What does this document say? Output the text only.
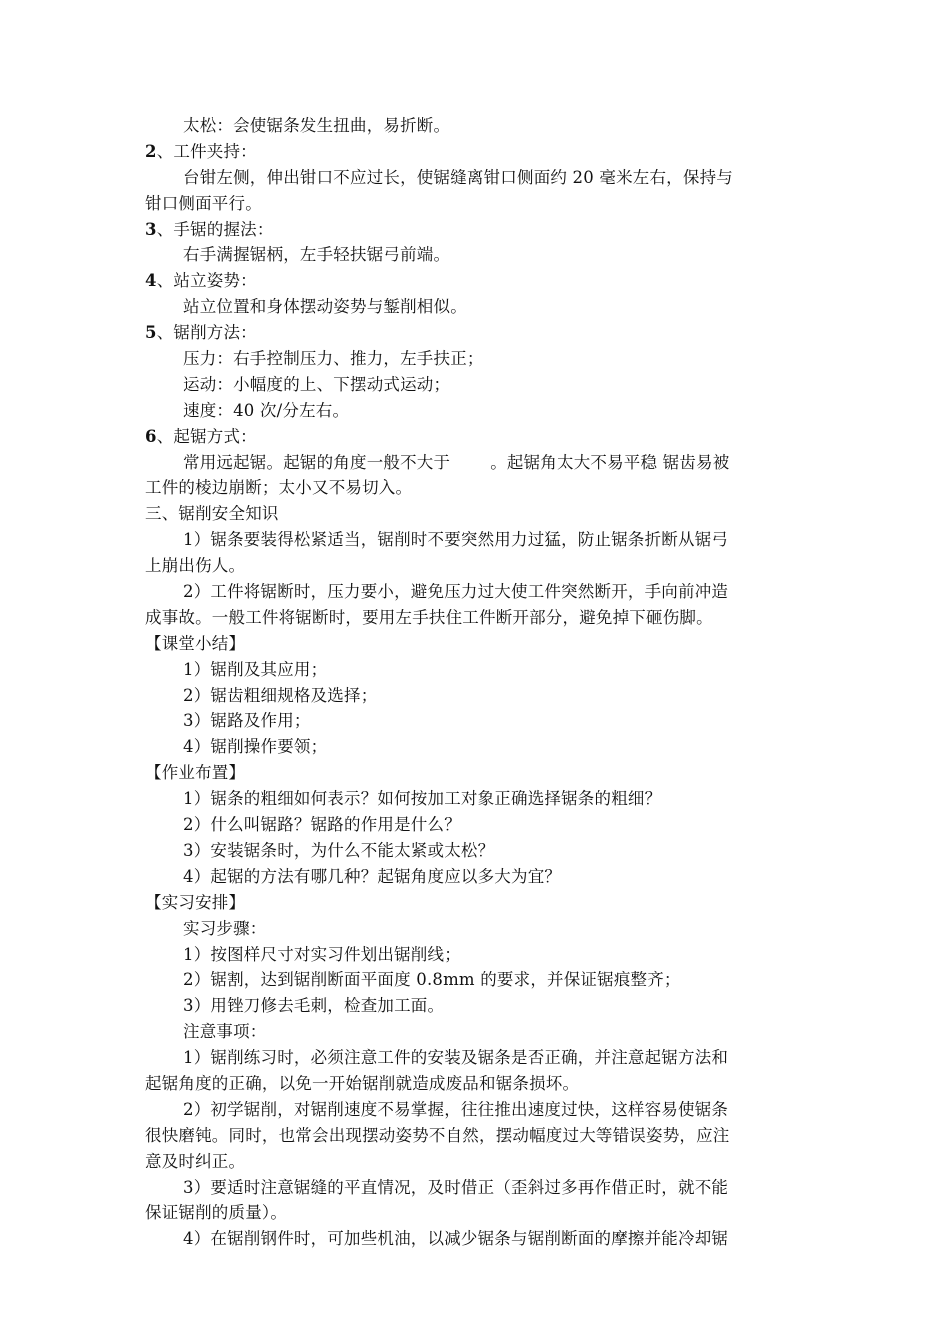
太松：会使锯条发生扭曲，易折断。
2、工件夹持：
台钳左侧，伸出钳口不应过长，使锯缝离钳口侧面约 20 毫米左右，保持与
钳口侧面平行。
3、手锯的握法：
右手满握锯柄，左手轻扶锯弓前端。
4、站立姿势：
站立位置和身体摆动姿势与錾削相似。
5、锯削方法：
压力：右手控制压力、推力，左手扶正；
运动：小幅度的上、下摆动式运动；
速度：40 次/分左右。
6、起锯方式：
常用远起锯。起锯的角度一般不大于 。起锯角太大不易平稳 锯齿易被
工件的棱边崩断；太小又不易切入。
三、锯削安全知识
1）锯条要装得松紧适当，锯削时不要突然用力过猛，防止锯条折断从锯弓
上崩出伤人。
2）工件将锯断时，压力要小，避免压力过大使工件突然断开，手向前冲造
成事故。一般工件将锯断时，要用左手扶住工件断开部分，避免掉下砸伤脚。
【课堂小结】
1）锯削及其应用；
2）锯齿粗细规格及选择；
3）锯路及作用；
4）锯削操作要领；
【作业布置】
1）锯条的粗细如何表示？如何按加工对象正确选择锯条的粗细？
2）什么叫锯路？锯路的作用是什么？
3）安装锯条时，为什么不能太紧或太松？
4）起锯的方法有哪几种？起锯角度应以多大为宜？
【实习安排】
实习步骤：
1）按图样尺寸对实习件划出锯削线；
2）锯割，达到锯削断面平面度 0.8mm 的要求，并保证锯痕整齐；
3）用锉刀修去毛刺，检查加工面。
注意事项：
1）锯削练习时，必须注意工件的安装及锯条是否正确，并注意起锯方法和
起锯角度的正确，以免一开始锯削就造成废品和锯条损坏。
2）初学锯削，对锯削速度不易掌握，往往推出速度过快，这样容易使锯条
很快磨钝。同时，也常会出现摆动姿势不自然，摆动幅度过大等错误姿势，应注
意及时纠正。
3）要适时注意锯缝的平直情况，及时借正（歪斜过多再作借正时，就不能
保证锯削的质量）。
4）在锯削钢件时，可加些机油，以减少锯条与锯削断面的摩擦并能冷却锯
